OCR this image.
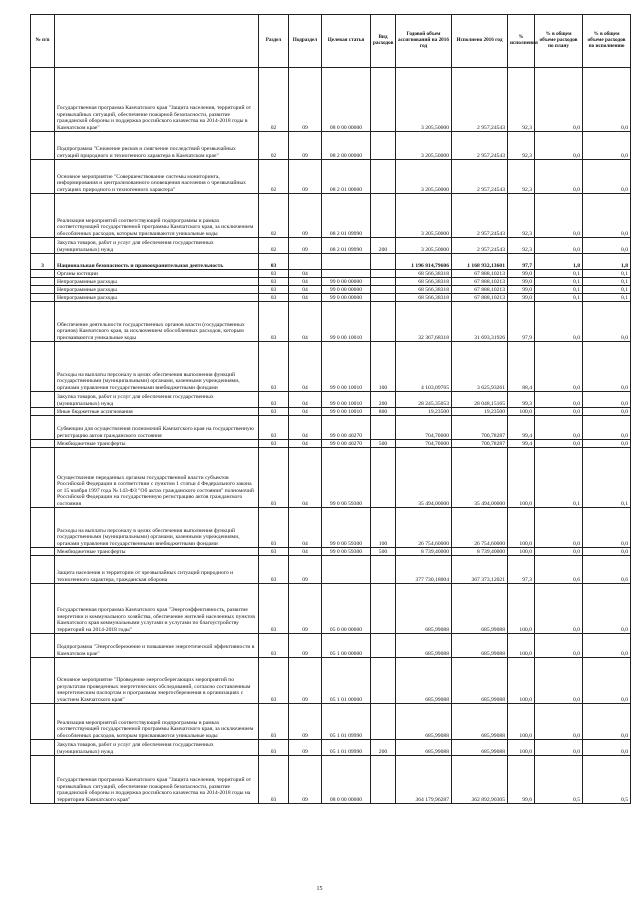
№ п/п		Раздел	Подраздел	Целевая статья	Вид расходов	Годовой объем ассигнований на 2016 год	Исполнено 2016 год	% исполнения	% в общем объеме расходов по плану	% в общем объеме расходов по исполнению
	Государственная программа Камчатского края "Защита населения, территорий от чрезвычайных ситуаций, обеспечение пожарной безопасности, развитие гражданской обороны и поддержка российского казачества на 2014-2018 годы в Камчатском крае"	02	09	08 0 00 00000		3 205,50000	2 957,24543	92,3	0,0	0,0
	Подпрограмма "Снижение рисков и смягчение последствий чрезвычайных ситуаций природного и техногенного характера в Камчатском крае"	02	09	08 2 00 00000		3 205,50000	2 957,24543	92,3	0,0	0,0
	Основное мероприятие "Совершенствование системы мониторинга, информирования и централизованного оповещения населения о чрезвычайных ситуациях природного и техногенного характера"	02	09	08 2 01 00000		3 205,50000	2 957,24543	92,3	0,0	0,0
	Реализация мероприятий соответствующей подпрограммы в рамках соответствующей государственной программы Камчатского края, за исключением обособленных расходов, которым присваиваются уникальные коды	02	09	08 2 01 09990		3 205,50000	2 957,24543	92,3	0,0	0,0
	Закупка товаров, работ и услуг для обеспечения государственных (муниципальных) нужд	02	09	08 2 01 09990	200	3 205,50000	2 957,24543	92,3	0,0	0,0
3	Национальная безопасность и правоохранительная деятельность	03				1 196 814,79606	1 168 932,13601	97,7	1,8	1,8
	Органы юстиции	03	04			68 566,38318	67 888,10213	99,0	0,1	0,1
	Непрограммные расходы	03	04	99 0 00 00000		68 566,38318	67 888,10213	99,0	0,1	0,1
	Непрограммные расходы	03	04	99 0 00 00000		68 566,38318	67 888,10213	99,0	0,1	0,1
	Непрограммные расходы	03	04	99 0 00 00000		68 566,38318	67 888,10213	99,0	0,1	0,1
	Обеспечение деятельности государственных органов власти (государственных органов) Камчатского края, за исключением обособленных расходов, которым присваиваются уникальные коды	03	04	99 0 00 10010		32 367,68318	31 693,31926	97,9	0,0	0,0
	Расходы на выплаты персоналу в целях обеспечения выполнения функций государственными (муниципальными) органами, казенными учреждениями, органами управления государственными внебюджетными фондами	03	04	99 0 00 10010	100	4 103,09765	3 625,93261	88,4	0,0	0,0
	Закупка товаров, работ и услуг для обеспечения государственных (муниципальных) нужд	03	04	99 0 00 10010	200	28 245,35053	28 048,15165	99,3	0,0	0,0
	Иные бюджетные ассигнования	03	04	99 0 00 10010	800	19,23500	19,23500	100,0	0,0	0,0
	Субвенции для осуществления полномочий Камчатского края на государственную регистрацию актов гражданского состояния	03	04	99 0 00 40270		704,70000	700,78287	99,4	0,0	0,0
	Межбюджетные трансферты	03	04	99 0 00 40270	500	704,70000	700,78287	99,4	0,0	0,0
	Осуществление переданных органам государственной власти субъектов Российской Федерации в соответствии с пунктом 1 статьи 4 Федерального закона от 15 ноября 1997 года № 143-ФЗ "Об актах гражданского состояния" полномочий Российской Федерации на государственную регистрацию актов гражданского состояния	03	04	99 0 00 59300		35 494,00000	35 494,00000	100,0	0,1	0,1
	Расходы на выплаты персоналу в целях обеспечения выполнения функций государственными (муниципальными) органами, казенными учреждениями, органами управления государственными внебюджетными фондами	03	04	99 0 00 59300	100	26 754,60000	26 754,60000	100,0	0,0	0,0
	Межбюджетные трансферты	03	04	99 0 00 59300	500	8 739,40000	8 739,40000	100,0	0,0	0,0
	Защита населения и территории от чрезвычайных ситуаций природного и техногенного характера, гражданская оборона	03	09			377 730,18004	367 373,12021	97,3	0,6	0,6
	Государственная программа Камчатского края "Энергоэффективность, развитие энергетики и коммунального хозяйства, обеспечение жителей населенных пунктов Камчатского края коммунальными услугами и услугами по благоустройству территорий на 2014-2018 годы"	03	09	05 0 00 00000		685,99088	685,99088	100,0	0,0	0,0
	Подпрограмма "Энергосбережение и повышение энергетической эффективности в Камчатском крае"	03	09	05 1 00 00000		685,99088	685,99088	100,0	0,0	0,0
	Основное мероприятие "Проведение энергосберегающих мероприятий по результатам проведенных энергетических обследований, согласно составленным энергетическим паспортам и программам энергосбережения в организациях с участием Камчатского края"	03	09	05 1 01 00000		685,99088	685,99088	100,0	0,0	0,0
	Реализация мероприятий соответствующей подпрограммы в рамках соответствующей государственной программы Камчатского края, за исключением обособленных расходов, которым присваиваются уникальные коды	03	09	05 1 01 09990		685,99088	685,99088	100,0	0,0	0,0
	Закупка товаров, работ и услуг для обеспечения государственных (муниципальных) нужд	03	09	05 1 01 09990	200	685,99088	685,99088	100,0	0,0	0,0
	Государственная программа Камчатского края "Защита населения, территорий от чрезвычайных ситуаций, обеспечение пожарной безопасности, развитие гражданской обороны и поддержка российского казачества на 2014-2018 годы на территории Камчатского края"	03	09	08 0 00 00000		364 179,96287	362 892,90305	99,6	0,5	0,5
15
